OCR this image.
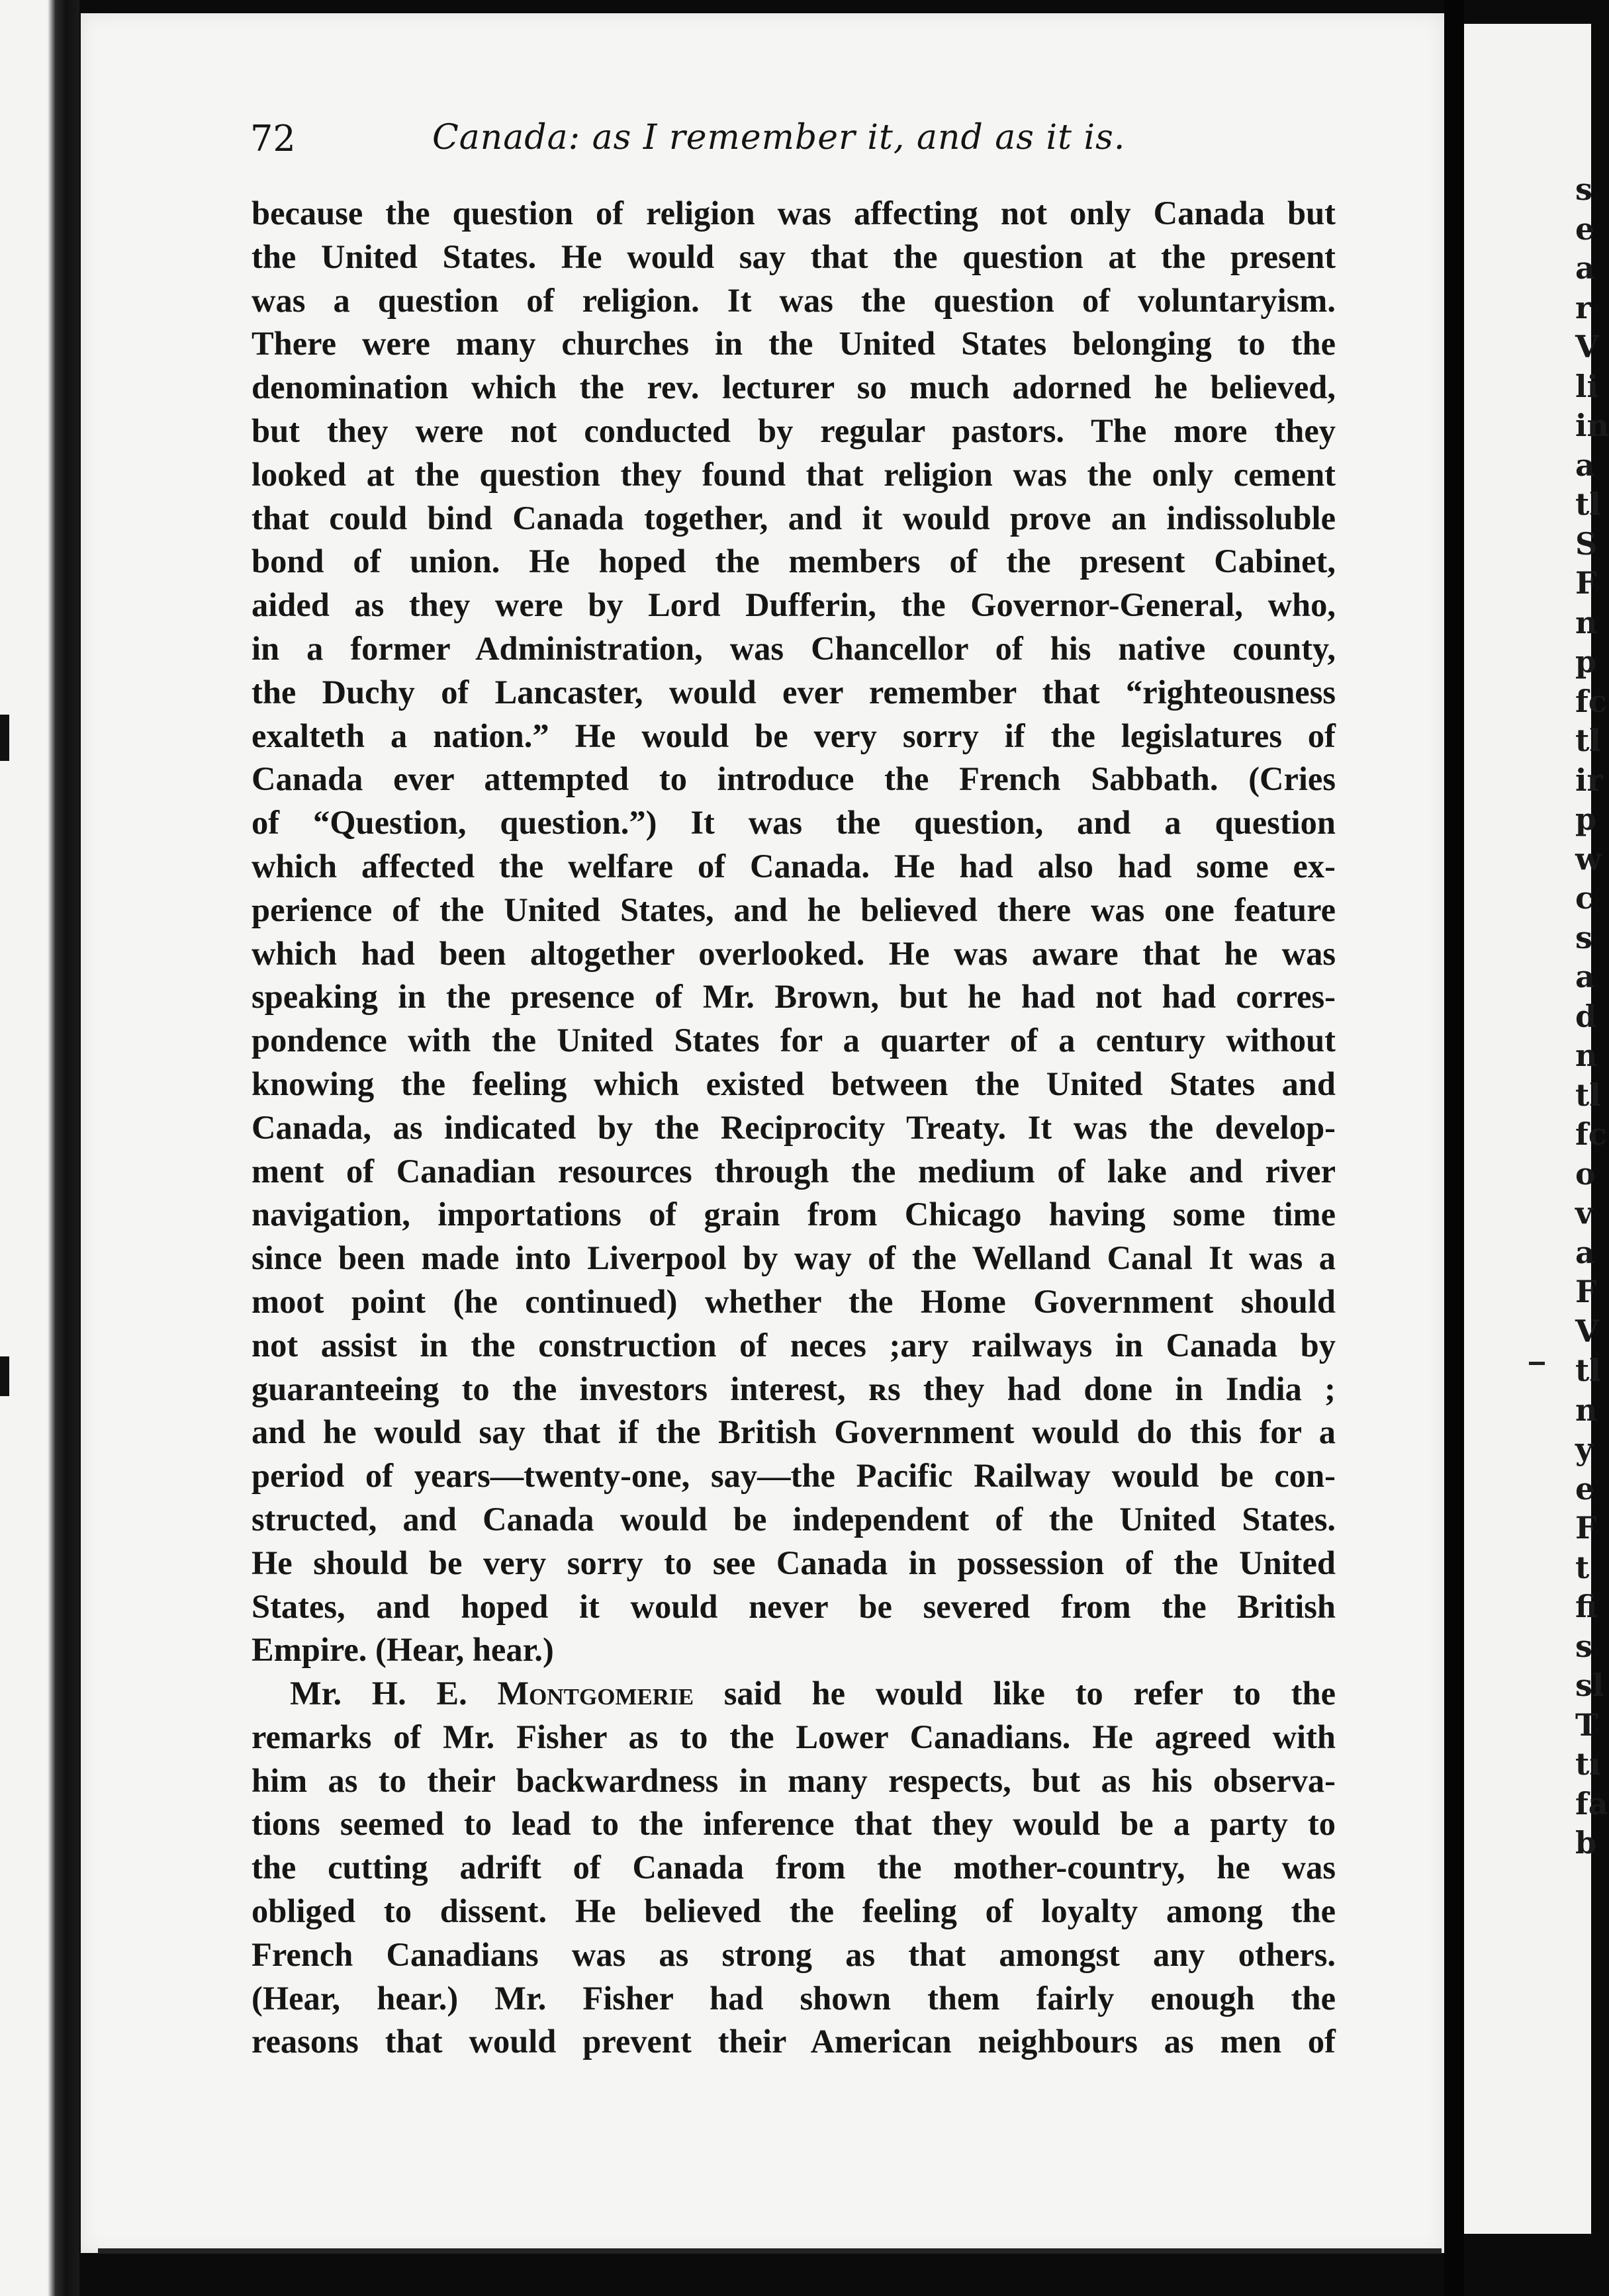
s
e
a
r
V
li
in
a
tl
S
F
n
p
fc
tl
ir
p
w
c
s
a
d
n
tl
fc
o
v
a
F
V
tl
n
y
e
F
t
fi
s
sl
T
tı
fa
b
72	Canada: as I remember it, and as it is.
because the question of religion was affecting not only Canada but
the United States. He would say that the question at the present
was a question of religion. It was the question of voluntaryism.
There were many churches in the United States belonging to the
denomination which the rev. lecturer so much adorned he believed,
but they were not conducted by regular pastors. The more they
looked at the question they found that religion was the only cement
that could bind Canada together, and it would prove an indissoluble
bond of union. He hoped the members of the present Cabinet,
aided as they were by Lord Dufferin, the Governor-General, who,
in a former Administration, was Chancellor of his native county,
the Duchy of Lancaster, would ever remember that “righteousness
exalteth a nation.” He would be very sorry if the legislatures of
Canada ever attempted to introduce the French Sabbath. (Cries
of “Question, question.”) It was the question, and a question
which affected the welfare of Canada. He had also had some ex-
perience of the United States, and he believed there was one feature
which had been altogether overlooked. He was aware that he was
speaking in the presence of Mr. Brown, but he had not had corres-
pondence with the United States for a quarter of a century without
knowing the feeling which existed between the United States and
Canada, as indicated by the Reciprocity Treaty. It was the develop-
ment of Canadian resources through the medium of lake and river
navigation, importations of grain from Chicago having some time
since been made into Liverpool by way of the Welland Canal It was a
moot point (he continued) whether the Home Government should
not assist in the construction of neces ;ary railways in Canada by
guaranteeing to the investors interest, ʀs they had done in India ;
and he would say that if the British Government would do this for a
period of years—twenty-one, say—the Pacific Railway would be con-
structed, and Canada would be independent of the United States.
He should be very sorry to see Canada in possession of the United
States, and hoped it would never be severed from the British
Empire. (Hear, hear.)
Mr. H. E. Montgomerie said he would like to refer to the
remarks of Mr. Fisher as to the Lower Canadians. He agreed with
him as to their backwardness in many respects, but as his observa-
tions seemed to lead to the inference that they would be a party to
the cutting adrift of Canada from the mother-country, he was
obliged to dissent. He believed the feeling of loyalty among the
French Canadians was as strong as that amongst any others.
(Hear, hear.) Mr. Fisher had shown them fairly enough the
reasons that would prevent their American neighbours as men of
